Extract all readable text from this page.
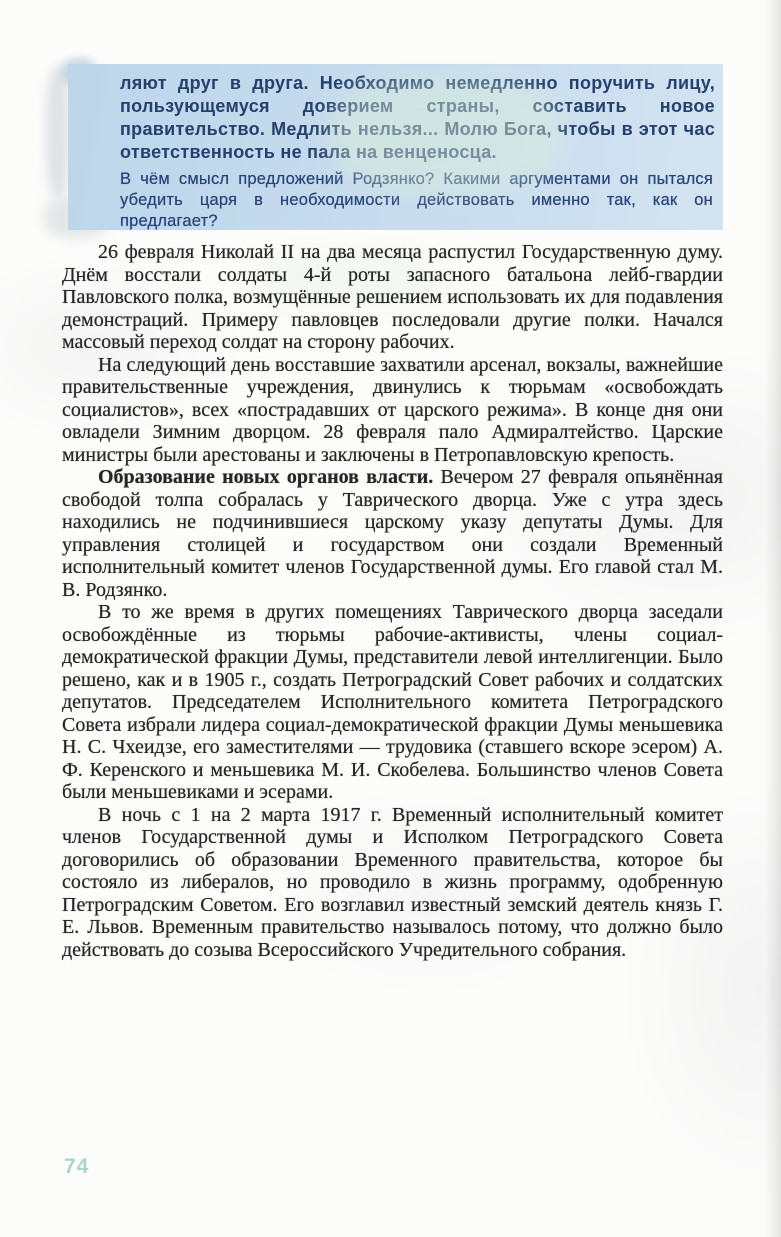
ляют друг в друга. Необходимо немедленно поручить лицу, пользующемуся доверием страны, составить новое правительство. Медлить нельзя... Молю Бога, чтобы в этот час ответственность не пала на венценосца.

В чём смысл предложений Родзянко? Какими аргументами он пытался убедить царя в необходимости действовать именно так, как он предлагает?

26 февраля Николай II на два месяца распустил Государственную думу. Днём восстали солдаты 4-й роты запасного батальона лейб-гвардии Павловского полка, возмущённые решением использовать их для подавления демонстраций. Примеру павловцев последовали другие полки. Начался массовый переход солдат на сторону рабочих.

На следующий день восставшие захватили арсенал, вокзалы, важнейшие правительственные учреждения, двинулись к тюрьмам «освобождать социалистов», всех «пострадавших от царского режима». В конце дня они овладели Зимним дворцом. 28 февраля пало Адмиралтейство. Царские министры были арестованы и заключены в Петропавловскую крепость.

Образование новых органов власти. Вечером 27 февраля опьянённая свободой толпа собралась у Таврического дворца. Уже с утра здесь находились не подчинившиеся царскому указу депутаты Думы. Для управления столицей и государством они создали Временный исполнительный комитет членов Государственной думы. Его главой стал М. В. Родзянко.

В то же время в других помещениях Таврического дворца заседали освобождённые из тюрьмы рабочие-активисты, члены социал-демократической фракции Думы, представители левой интеллигенции. Было решено, как и в 1905 г., создать Петроградский Совет рабочих и солдатских депутатов. Председателем Исполнительного комитета Петроградского Совета избрали лидера социал-демократической фракции Думы меньшевика Н. С. Чхеидзе, его заместителями — трудовика (ставшего вскоре эсером) А. Ф. Керенского и меньшевика М. И. Скобелева. Большинство членов Совета были меньшевиками и эсерами.

В ночь с 1 на 2 марта 1917 г. Временный исполнительный комитет членов Государственной думы и Исполком Петроградского Совета договорились об образовании Временного правительства, которое бы состояло из либералов, но проводило в жизнь программу, одобренную Петроградским Советом. Его возглавил известный земский деятель князь Г. Е. Львов. Временным правительство называлось потому, что должно было действовать до созыва Всероссийского Учредительного собрания.

74
